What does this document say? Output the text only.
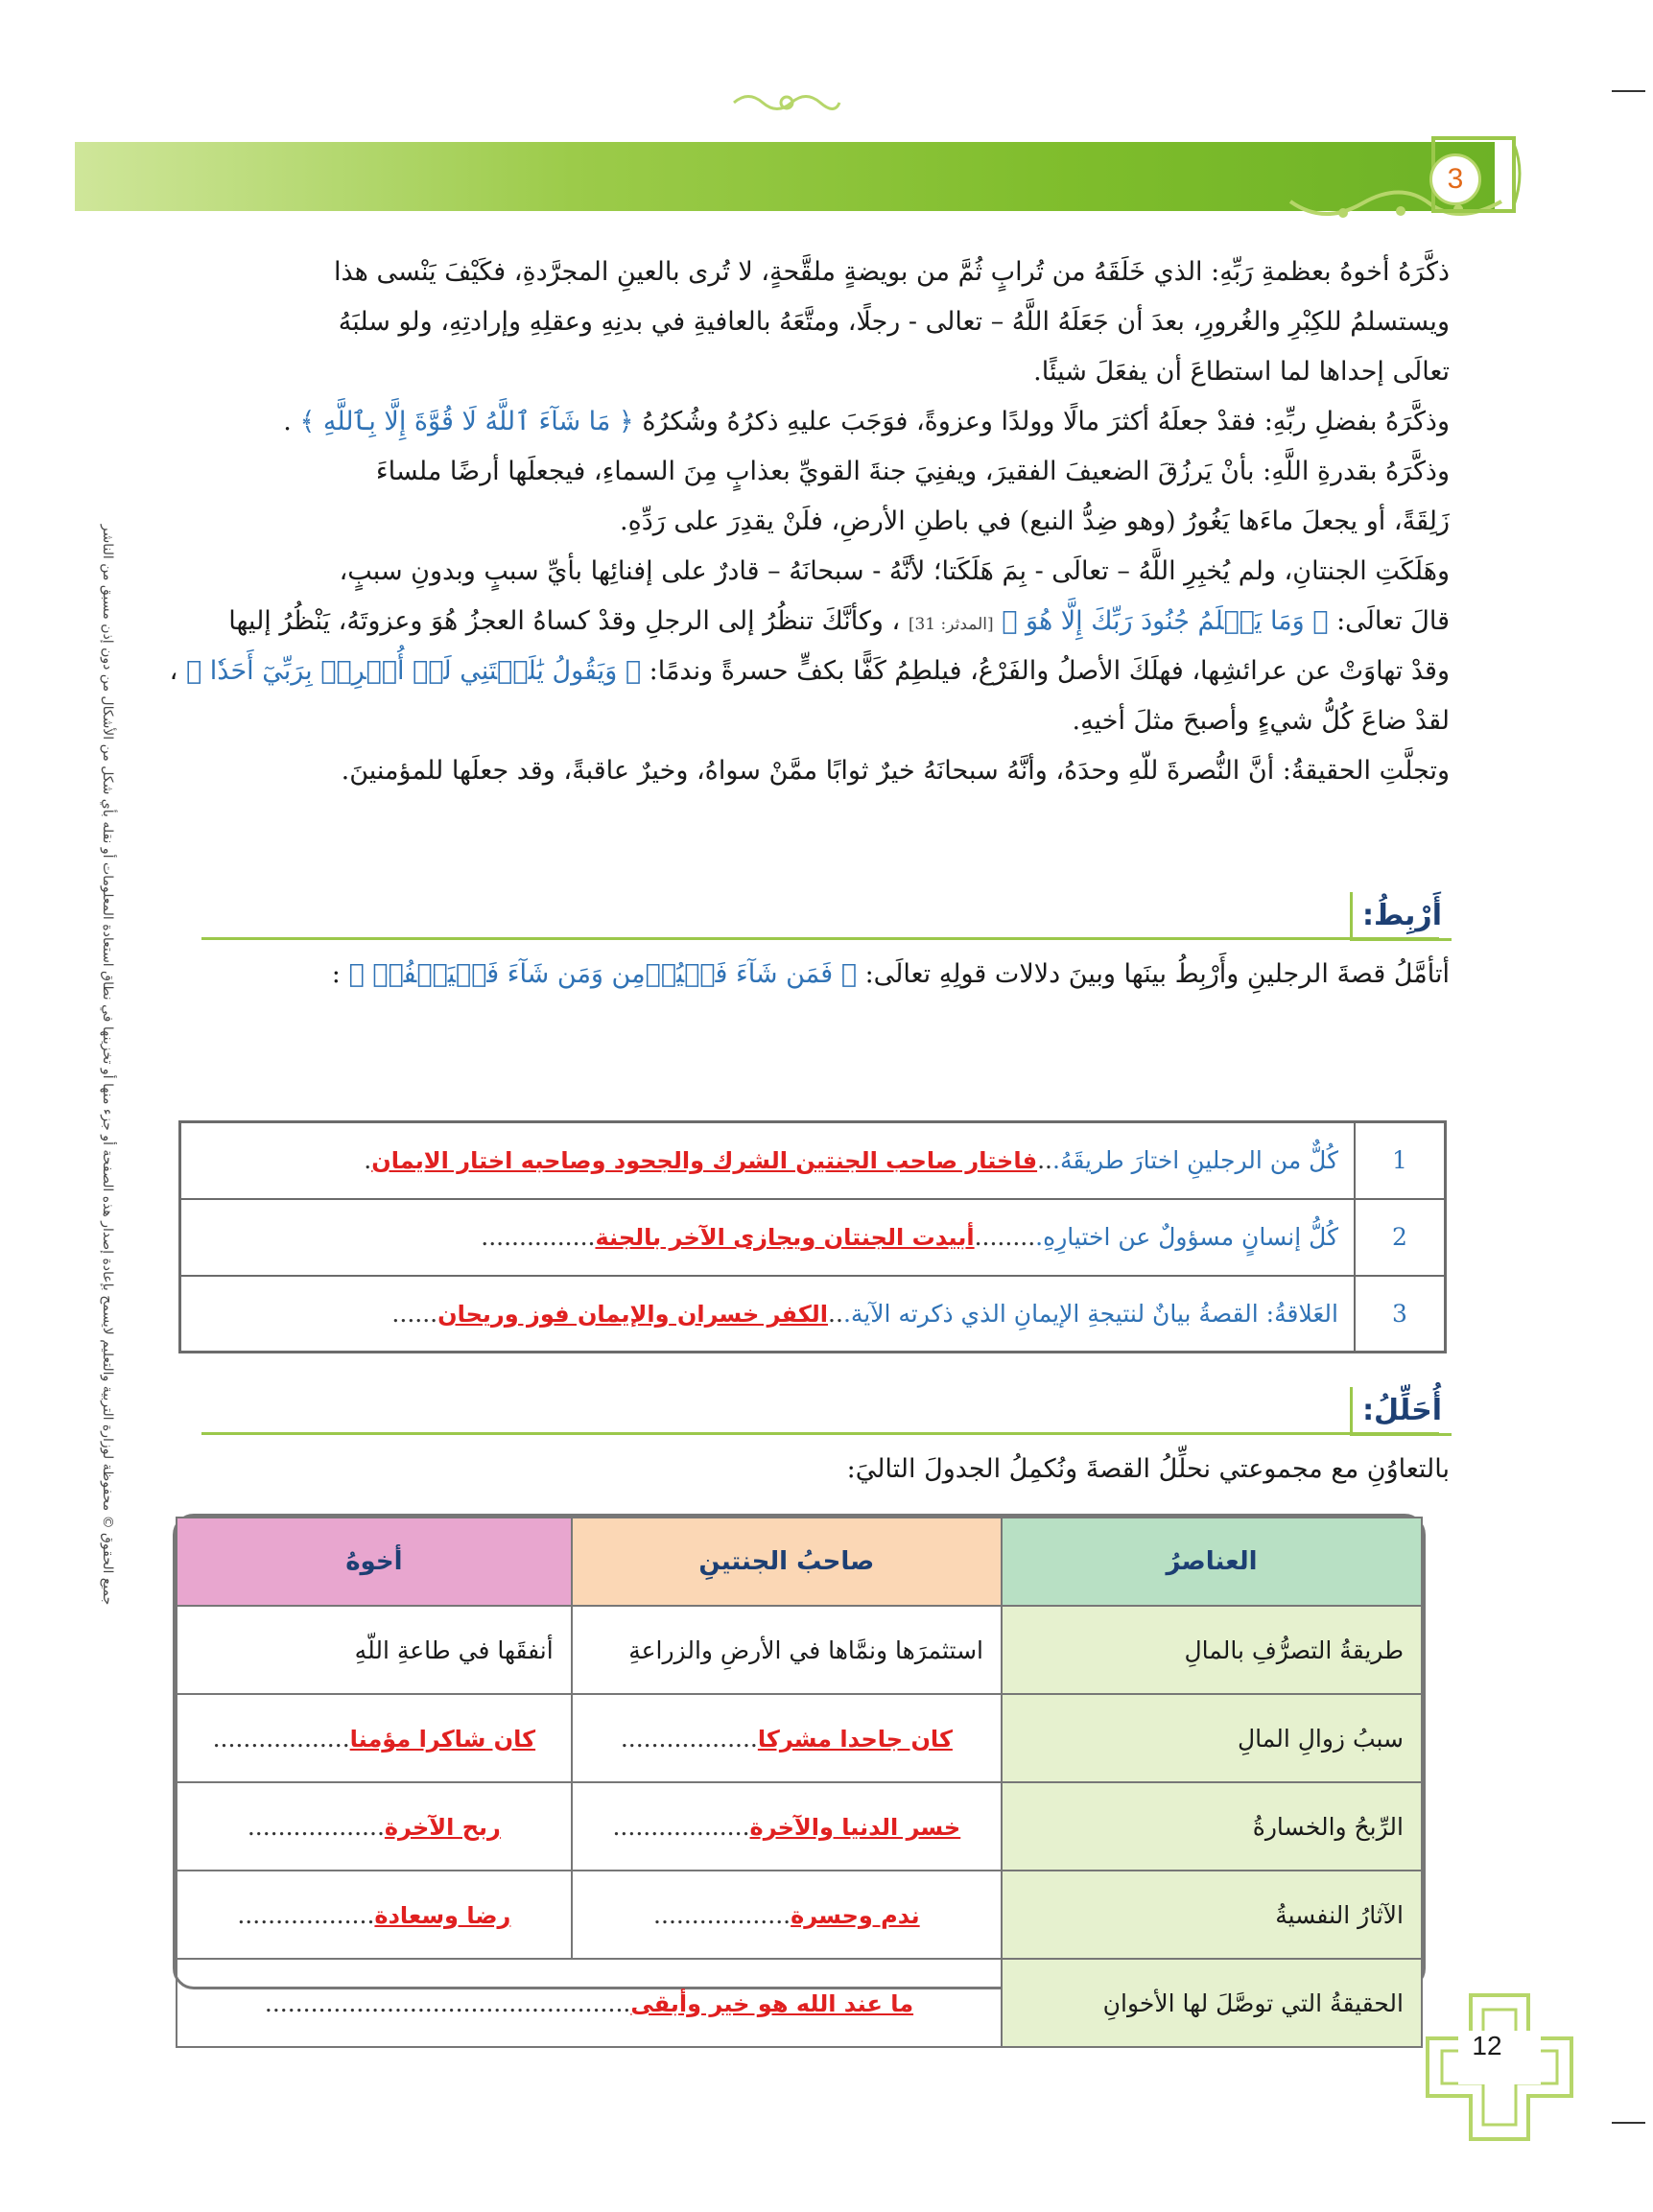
3
جميع الحقوق © محفوظة لوزارة التربية والتعليم لايسمح بإعادة إصدار هذه الصفحة أو جزء منها أو تخزينها في نطاق استعادة المعلومات أو نقله بأي شكل من الأشكال من دون إذن مسبق من الناشر
ذكَّرَهُ أخوهُ بعظمةِ رَبِّهِ: الذي خَلَقَهُ من تُرابٍ ثُمَّ من بويضةٍ ملقَّحةٍ، لا تُرى بالعينِ المجرَّدةِ، فكَيْفَ يَنْسى هذا
ويستسلمُ للكِبْرِ والغُرورِ، بعدَ أن جَعَلَهُ اللَّهُ – تعالى - رجلًا، ومتَّعَهُ بالعافيةِ في بدنِهِ وعقلِهِ وإرادتِهِ، ولو سلبَهُ
تعالَى إحداها لما استطاعَ أن يفعَلَ شيئًا.
وذكَّرَهُ بفضلِ ربِّهِ: فقدْ جعلَهُ أكثرَ مالًا وولدًا وعزوةً، فوَجَبَ عليهِ ذكرُهُ وشُكرُهُ ﴿ مَا شَآءَ ٱللَّهُ لَا قُوَّةَ إِلَّا بِٱللَّهِ ﴾ .
وذكَّرَهُ بقدرةِ اللَّهِ: بأنْ يَرزُقَ الضعيفَ الفقيرَ، ويفنِيَ جنةَ القويِّ بعذابٍ مِنَ السماءِ، فيجعلَها أرضًا ملساءَ
زَلِقَةً، أو يجعلَ ماءَها يَغُورُ (وهو ضِدُّ النبع) في باطنِ الأرضِ، فلَنْ يقدِرَ على رَدِّهِ.
وهَلَكَتِ الجنتانِ، ولم يُخبِرِ اللَّهُ – تعالَى - بِمَ هَلَكَتا؛ لأنَّهُ - سبحانَهُ – قادرٌ على إفنائِها بأيِّ سببٍ وبدونِ سببٍ،
قالَ تعالَى: ﴿ وَمَا يَعۡلَمُ جُنُودَ رَبِّكَ إِلَّا هُوَ ﴾ [المدثر: 31] ، وكأنَّكَ تنظُرُ إلى الرجلِ وقدْ كساهُ العجزُ هُوَ وعزوتَهُ، يَنْظُرُ إليها
وقدْ تهاوَتْ عن عرائشِها، فهلَكَ الأصلُ والفَرْعُ، فيلطِمُ كَفًّا بكفٍّ حسرةً وندمًا: ﴿ وَيَقُولُ يَٰلَيۡتَنِي لَمۡ أُشۡرِكۡ بِرَبِّيٓ أَحَدٗا ﴾ ،
لقدْ ضاعَ كُلُّ شيءٍ وأصبحَ مثلَ أخيهِ.
وتجلَّتِ الحقيقةُ: أنَّ النُّصرةَ للّهِ وحدَهُ، وأنَّهُ سبحانَهُ خيرٌ ثوابًا ممَّنْ سواهُ، وخيرٌ عاقبةً، وقد جعلَها للمؤمنينَ.
أَرْبِطُ:
أتأمَّلُ قصةَ الرجلينِ وأَرْبِطُ بينَها وبينَ دلالات قولِهِ تعالَى: ﴿ فَمَن شَآءَ فَلۡيُؤۡمِن وَمَن شَآءَ فَلۡيَكۡفُرۡ ﴾ :
كُلٌّ من الرجلينِ اختارَ طريقَهُ...فاختار صاحب الجنتين الشرك والجحود وصاحبه اختار الايمان.	1
كُلُّ إنسانٍ مسؤولٌ عن اختيارِهِ.........أبيدت الجنتان ويجازى الآخر بالجنة...............	2
العَلاقةُ: القصةُ بيانٌ لنتيجةِ الإيمانِ الذي ذكرته الآية...الكفر خسران والإيمان فوز وريحان......	3
أُحَلِّلُ:
بالتعاوُنِ مع مجموعتي نحلِّلُ القصةَ ونُكمِلُ الجدولَ التاليَ:
العناصرُ	صاحبُ الجنتينِ	أخوهُ
طريقةُ التصرُّفِ بالمالِ	استثمرَها ونمَّاها في الأرضِ والزراعةِ	أنفقَها في طاعةِ اللّهِ
سببُ زوالِ المالِ	كان جاحدا مشركا..................	كان شاكرا مؤمنا..................
الرِّبحُ والخسارةُ	خسر الدنيا والآخرة..................	ربح الآخرة..................
الآثارُ النفسيةُ	ندم وحسرة..................	رضا وسعادة..................
الحقيقةُ التي توصَّلَ لها الأخوانِ	ما عند الله هو خير وأبقى................................................	
12
